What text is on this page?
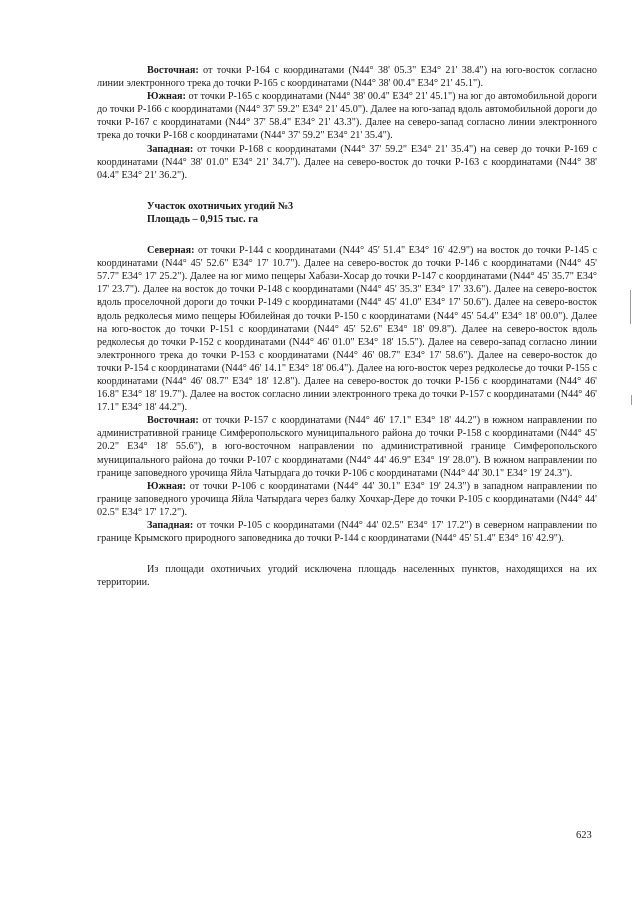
Восточная: от точки Р-164 с координатами (N44° 38' 05.3" Е34° 21' 38.4") на юго-восток согласно линии электронного трека до точки Р-165 с координатами (N44° 38' 00.4" Е34° 21' 45.1").

Южная: от точки Р-165 с координатами (N44° 38' 00.4" Е34° 21' 45.1") на юг до автомобильной дороги до точки Р-166 с координатами (N44° 37' 59.2" Е34° 21' 45.0"). Далее на юго-запад вдоль автомобильной дороги до точки Р-167 с координатами (N44° 37' 58.4" Е34° 21' 43.3"). Далее на северо-запад согласно линии электронного трека до точки Р-168 с координатами (N44° 37' 59.2" Е34° 21' 35.4").

Западная: от точки Р-168 с координатами (N44° 37' 59.2" Е34° 21' 35.4") на север до точки Р-169 с координатами (N44° 38' 01.0" Е34° 21' 34.7"). Далее на северо-восток до точки Р-163 с координатами (N44° 38' 04.4" Е34° 21' 36.2").

Участок охотничьих угодий №3
Площадь – 0,915 тыс. га

Северная: от точки Р-144 с координатами (N44° 45' 51.4" Е34° 16' 42.9") на восток до точки Р-145 с координатами (N44° 45' 52.6" Е34° 17' 10.7"). Далее на северо-восток до точки Р-146 с координатами (N44° 45' 57.7" Е34° 17' 25.2"). Далее на юг мимо пещеры Хабази-Хосар до точки Р-147 с координатами (N44° 45' 35.7" Е34° 17' 23.7"). Далее на восток до точки Р-148 с координатами (N44° 45' 35.3" Е34° 17' 33.6"). Далее на северо-восток вдоль проселочной дороги до точки Р-149 с координатами (N44° 45' 41.0" Е34° 17' 50.6"). Далее на северо-восток вдоль редколесья мимо пещеры Юбилейная до точки Р-150 с координатами (N44° 45' 54.4" Е34° 18' 00.0"). Далее на юго-восток до точки Р-151 с координатами (N44° 45' 52.6" Е34° 18' 09.8"). Далее на северо-восток вдоль редколесья до точки Р-152 с координатами (N44° 46' 01.0" Е34° 18' 15.5"). Далее на северо-запад согласно линии электронного трека до точки Р-153 с координатами (N44° 46' 08.7" Е34° 17' 58.6"). Далее на северо-восток до точки Р-154 с координатами (N44° 46' 14.1" Е34° 18' 06.4"). Далее на юго-восток через редколесье до точки Р-155 с координатами (N44° 46' 08.7" Е34° 18' 12.8"). Далее на северо-восток до точки Р-156 с координатами (N44° 46' 16.8" Е34° 18' 19.7"). Далее на восток согласно линии электронного трека до точки Р-157 с координатами (N44° 46' 17.1" Е34° 18' 44.2").

Восточная: от точки Р-157 с координатами (N44° 46' 17.1" Е34° 18' 44.2") в южном направлении по административной границе Симферопольского муниципального района до точки Р-158 с координатами (N44° 45' 20.2" Е34° 18' 55.6"), в юго-восточном направлении по административной границе Симферопольского муниципального района до точки Р-107 с координатами (N44° 44' 46.9" Е34° 19' 28.0"). В южном направлении по границе заповедного урочища Яйла Чатырдага до точки Р-106 с координатами (N44° 44' 30.1" Е34° 19' 24.3").

Южная: от точки Р-106 с координатами (N44° 44' 30.1" Е34° 19' 24.3") в западном направлении по границе заповедного урочища Яйла Чатырдага через балку Хочхар-Дере до точки Р-105 с координатами (N44° 44' 02.5" Е34° 17' 17.2").

Западная: от точки Р-105 с координатами (N44° 44' 02.5" Е34° 17' 17.2") в северном направлении по границе Крымского природного заповедника до точки Р-144 с координатами (N44° 45' 51.4" Е34° 16' 42.9").

Из площади охотничьих угодий исключена площадь населенных пунктов, находящихся на их территории.

623
